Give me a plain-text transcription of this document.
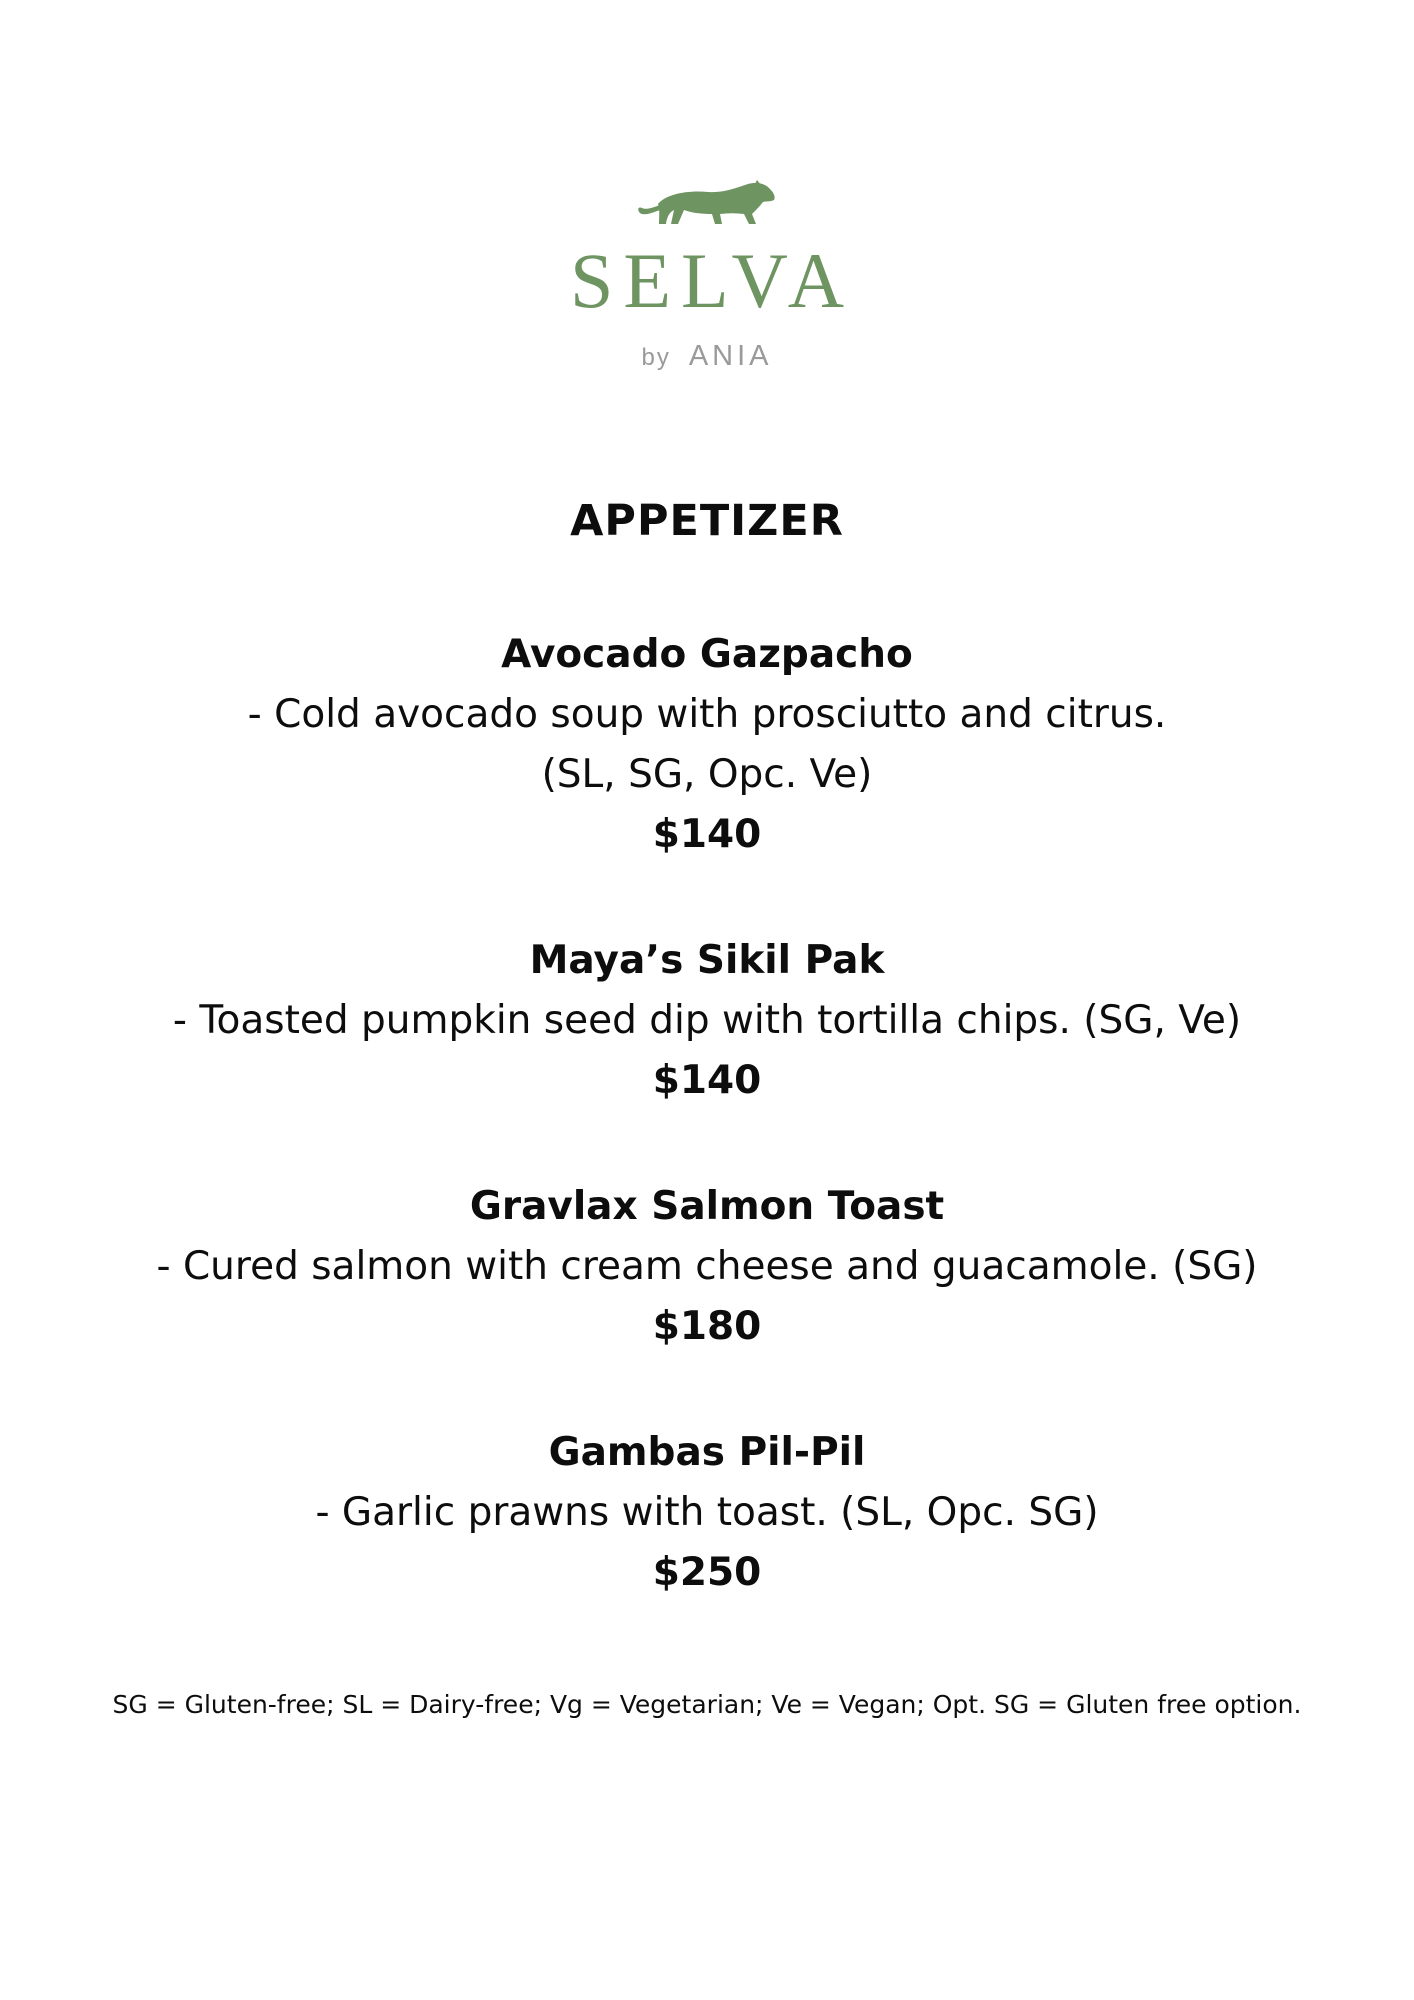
SELVA
by ANIA
APPETIZER
Avocado Gazpacho
- Cold avocado soup with prosciutto and citrus.
(SL, SG, Opc. Ve)
$140
Maya’s Sikil Pak
- Toasted pumpkin seed dip with tortilla chips. (SG, Ve)
$140
Gravlax Salmon Toast
- Cured salmon with cream cheese and guacamole. (SG)
$180
Gambas Pil-Pil
- Garlic prawns with toast. (SL, Opc. SG)
$250
SG = Gluten-free; SL = Dairy-free; Vg = Vegetarian; Ve = Vegan; Opt. SG = Gluten free option.
